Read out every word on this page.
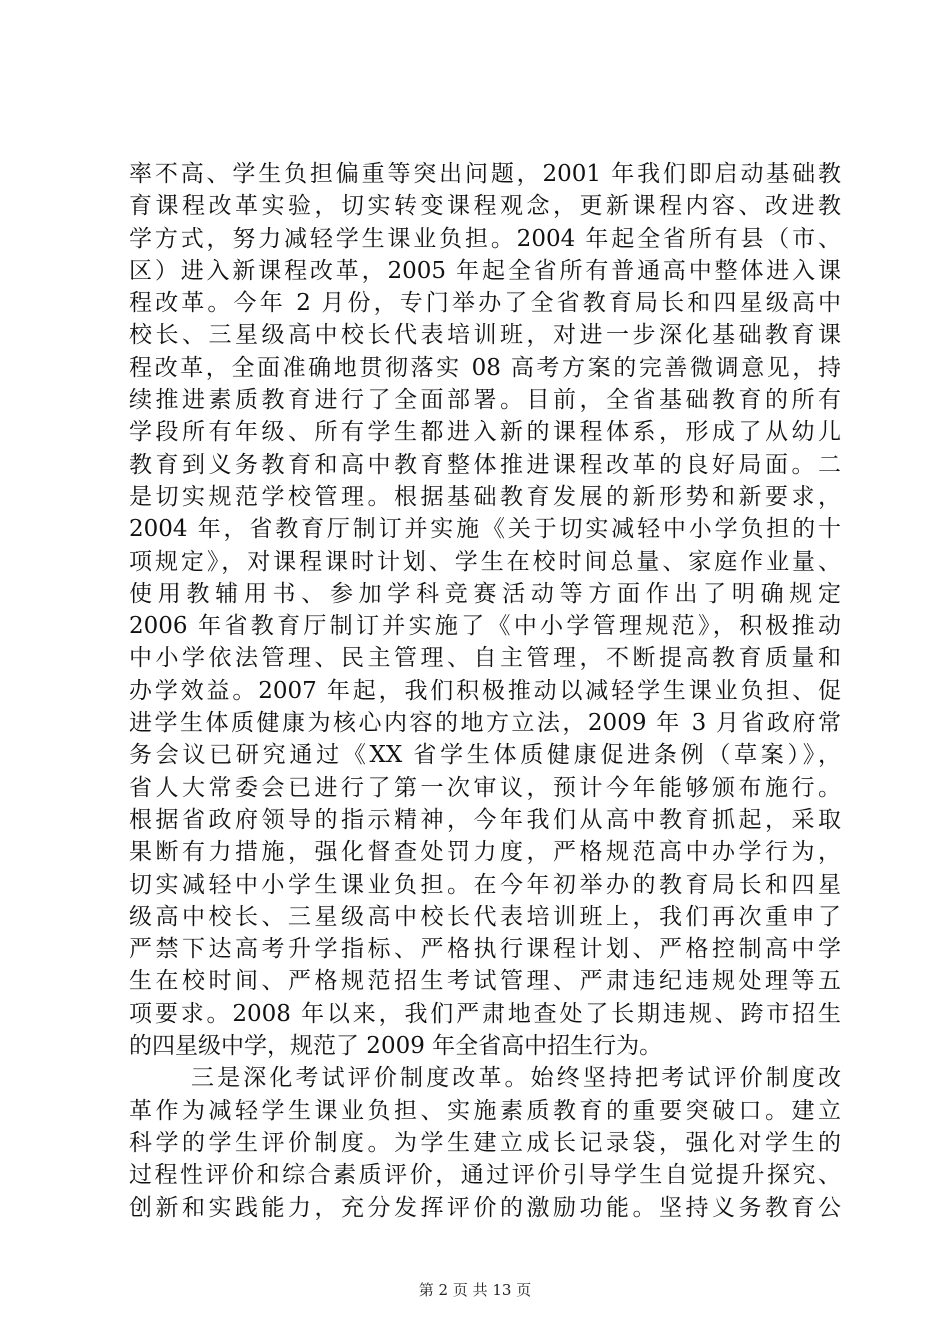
率不高、学生负担偏重等突出问题，2001 年我们即启动基础教
育课程改革实验，切实转变课程观念，更新课程内容、改进教
学方式，努力减轻学生课业负担。2004 年起全省所有县（市、
区）进入新课程改革，2005 年起全省所有普通高中整体进入课
程改革。今年 2 月份，专门举办了全省教育局长和四星级高中
校长、三星级高中校长代表培训班，对进一步深化基础教育课
程改革，全面准确地贯彻落实 08 高考方案的完善微调意见，持
续推进素质教育进行了全面部署。目前，全省基础教育的所有
学段所有年级、所有学生都进入新的课程体系，形成了从幼儿
教育到义务教育和高中教育整体推进课程改革的良好局面。二
是切实规范学校管理。根据基础教育发展的新形势和新要求，
2004 年，省教育厅制订并实施《关于切实减轻中小学负担的十
项规定》，对课程课时计划、学生在校时间总量、家庭作业量、
使用教辅用书、参加学科竞赛活动等方面作出了明确规定
2006 年省教育厅制订并实施了《中小学管理规范》，积极推动
中小学依法管理、民主管理、自主管理，不断提高教育质量和
办学效益。2007 年起，我们积极推动以减轻学生课业负担、促
进学生体质健康为核心内容的地方立法，2009 年 3 月省政府常
务会议已研究通过《XX 省学生体质健康促进条例（草案）》，
省人大常委会已进行了第一次审议，预计今年能够颁布施行。
根据省政府领导的指示精神，今年我们从高中教育抓起，采取
果断有力措施，强化督查处罚力度，严格规范高中办学行为，
切实减轻中小学生课业负担。在今年初举办的教育局长和四星
级高中校长、三星级高中校长代表培训班上，我们再次重申了
严禁下达高考升学指标、严格执行课程计划、严格控制高中学
生在校时间、严格规范招生考试管理、严肃违纪违规处理等五
项要求。2008 年以来，我们严肃地查处了长期违规、跨市招生
的四星级中学，规范了 2009 年全省高中招生行为。
三是深化考试评价制度改革。始终坚持把考试评价制度改
革作为减轻学生课业负担、实施素质教育的重要突破口。建立
科学的学生评价制度。为学生建立成长记录袋，强化对学生的
过程性评价和综合素质评价，通过评价引导学生自觉提升探究、
创新和实践能力，充分发挥评价的激励功能。坚持义务教育公
第 2 页 共 13 页
